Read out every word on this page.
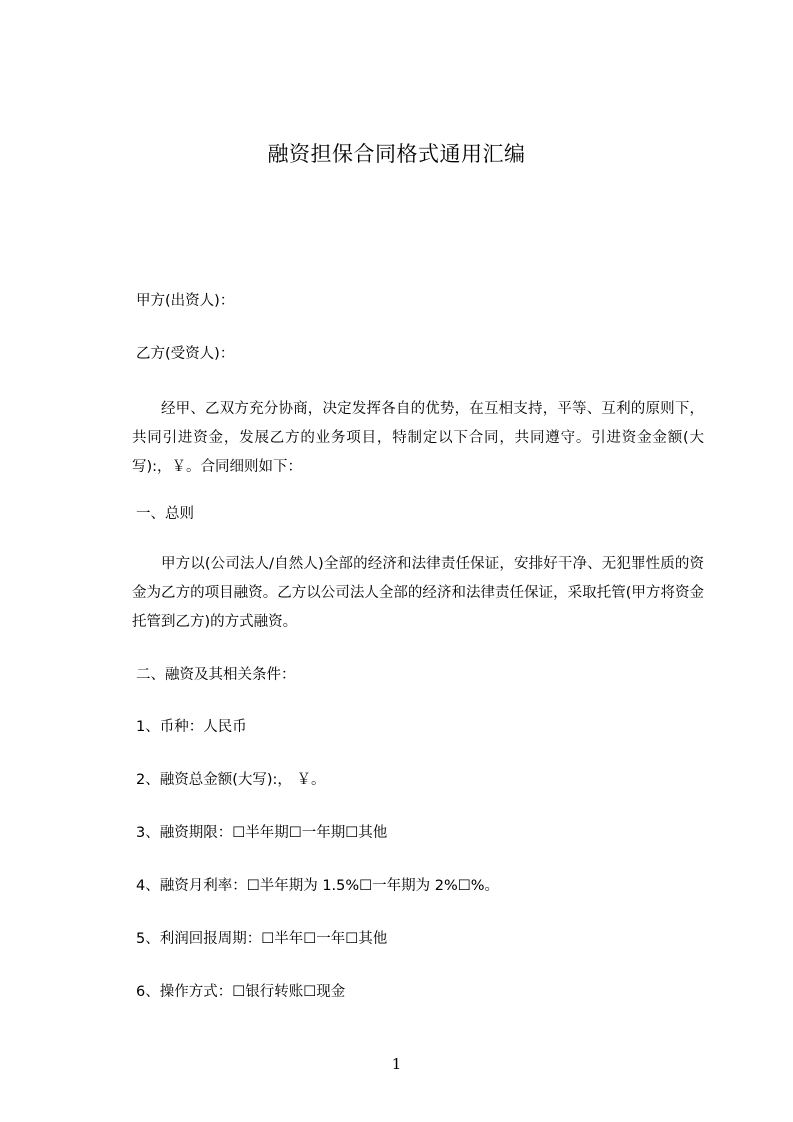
融资担保合同格式通用汇编
甲方(出资人)：
乙方(受资人)：
经甲、乙双方充分协商，决定发挥各自的优势，在互相支持，平等、互利的原则下，共同引进资金，发展乙方的业务项目，特制定以下合同，共同遵守。引进资金金额(大写):，￥。合同细则如下：
一、总则
甲方以(公司法人/自然人)全部的经济和法律责任保证，安排好干净、无犯罪性质的资金为乙方的项目融资。乙方以公司法人全部的经济和法律责任保证，采取托管(甲方将资金托管到乙方)的方式融资。
二、融资及其相关条件：
1、币种：人民币
2、融资总金额(大写):， ￥。
3、融资期限：☐半年期☐一年期☐其他
4、融资月利率：☐半年期为 1.5%☐一年期为 2%☐%。
5、利润回报周期：☐半年☐一年☐其他
6、操作方式：☐银行转账☐现金
1
